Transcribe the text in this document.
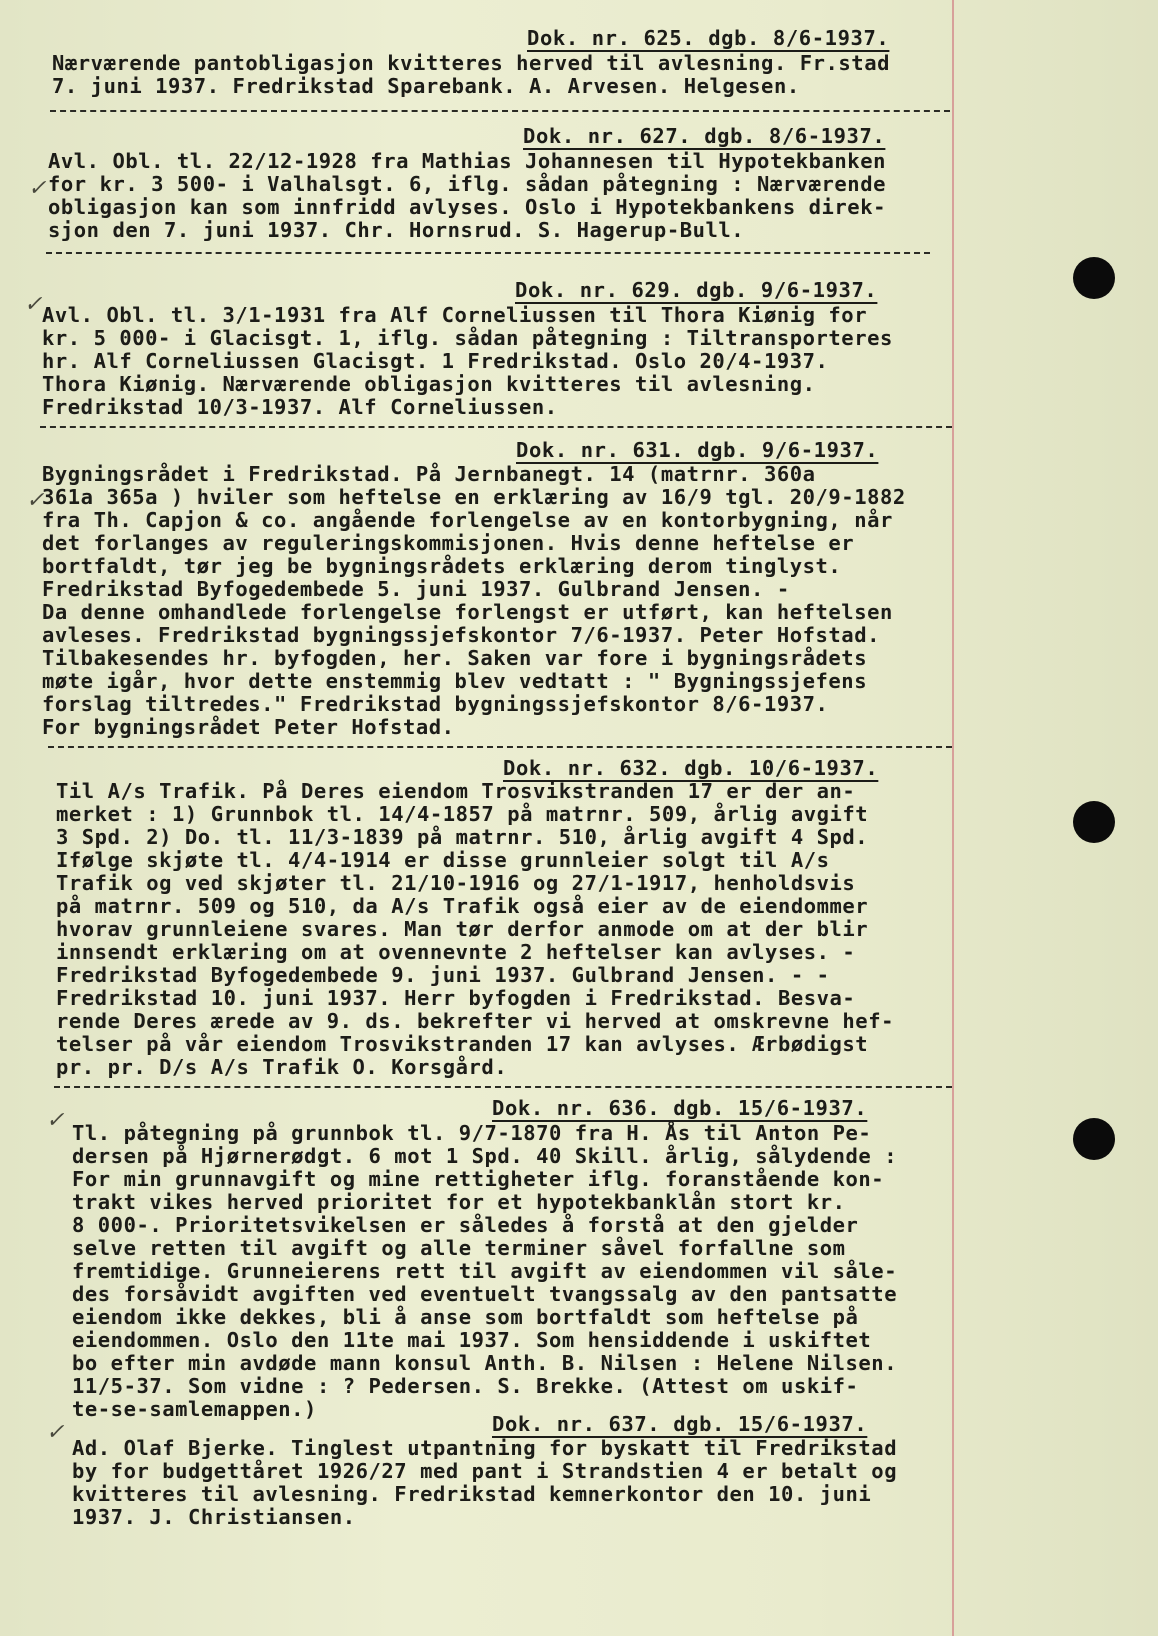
Dok. nr. 625. dgb. 8/6-1937.
Nærværende pantobligasjon kvitteres herved til avlesning. Fr.stad
7. juni 1937. Fredrikstad Sparebank. A. Arvesen. Helgesen.
Dok. nr. 627. dgb. 8/6-1937.
Avl. Obl. tl. 22/12-1928 fra Mathias Johannesen til Hypotekbanken
for kr. 3 500- i Valhalsgt. 6, iflg. sådan påtegning : Nærværende
obligasjon kan som innfridd avlyses. Oslo i Hypotekbankens direk-
sjon den 7. juni 1937. Chr. Hornsrud. S. Hagerup-Bull.
✓
Dok. nr. 629. dgb. 9/6-1937.
Avl. Obl. tl. 3/1-1931 fra Alf Corneliussen til Thora Kiønig for
kr. 5 000- i Glacisgt. 1, iflg. sådan påtegning : Tiltransporteres
hr. Alf Corneliussen Glacisgt. 1 Fredrikstad. Oslo 20/4-1937.
Thora Kiønig. Nærværende obligasjon kvitteres til avlesning.
Fredrikstad 10/3-1937. Alf Corneliussen.
✓
Dok. nr. 631. dgb. 9/6-1937.
Bygningsrådet i Fredrikstad. På Jernbanegt. 14 (matrnr. 360a
361a 365a ) hviler som heftelse en erklæring av 16/9 tgl. 20/9-1882
fra Th. Capjon & co. angående forlengelse av en kontorbygning, når
det forlanges av reguleringskommisjonen. Hvis denne heftelse er
bortfaldt, tør jeg be bygningsrådets erklæring derom tinglyst.
Fredrikstad Byfogedembede 5. juni 1937. Gulbrand Jensen. -
Da denne omhandlede forlengelse forlengst er utført, kan heftelsen
avleses. Fredrikstad bygningssjefskontor 7/6-1937. Peter Hofstad.
Tilbakesendes hr. byfogden, her. Saken var fore i bygningsrådets
møte igår, hvor dette enstemmig blev vedtatt : " Bygningssjefens
forslag tiltredes." Fredrikstad bygningssjefskontor 8/6-1937.
For bygningsrådet Peter Hofstad.
✓
Dok. nr. 632. dgb. 10/6-1937.
Til A/s Trafik. På Deres eiendom Trosvikstranden 17 er der an-
merket : 1) Grunnbok tl. 14/4-1857 på matrnr. 509, årlig avgift
3 Spd. 2) Do. tl. 11/3-1839 på matrnr. 510, årlig avgift 4 Spd.
Ifølge skjøte tl. 4/4-1914 er disse grunnleier solgt til A/s
Trafik og ved skjøter tl. 21/10-1916 og 27/1-1917, henholdsvis
på matrnr. 509 og 510, da A/s Trafik også eier av de eiendommer
hvorav grunnleiene svares. Man tør derfor anmode om at der blir
innsendt erklæring om at ovennevnte 2 heftelser kan avlyses. -
Fredrikstad Byfogedembede 9. juni 1937. Gulbrand Jensen. - -
Fredrikstad 10. juni 1937. Herr byfogden i Fredrikstad. Besva-
rende Deres ærede av 9. ds. bekrefter vi herved at omskrevne hef-
telser på vår eiendom Trosvikstranden 17 kan avlyses. Ærbødigst
pr. pr. D/s A/s Trafik O. Korsgård.
Dok. nr. 636. dgb. 15/6-1937.
Tl. påtegning på grunnbok tl. 9/7-1870 fra H. Ås til Anton Pe-
dersen på Hjørnerødgt. 6 mot 1 Spd. 40 Skill. årlig, sålydende :
For min grunnavgift og mine rettigheter iflg. foranstående kon-
trakt vikes herved prioritet for et hypotekbanklån stort kr.
8 000-. Prioritetsvikelsen er således å forstå at den gjelder
selve retten til avgift og alle terminer såvel forfallne som
fremtidige. Grunneierens rett til avgift av eiendommen vil såle-
des forsåvidt avgiften ved eventuelt tvangssalg av den pantsatte
eiendom ikke dekkes, bli å anse som bortfaldt som heftelse på
eiendommen. Oslo den 11te mai 1937. Som hensiddende i uskiftet
bo efter min avdøde mann konsul Anth. B. Nilsen : Helene Nilsen.
11/5-37. Som vidne : ? Pedersen. S. Brekke. (Attest om uskif-
te-se-samlemappen.)
✓
Dok. nr. 637. dgb. 15/6-1937.
Ad. Olaf Bjerke. Tinglest utpantning for byskatt til Fredrikstad
by for budgettåret 1926/27 med pant i Strandstien 4 er betalt og
kvitteres til avlesning. Fredrikstad kemnerkontor den 10. juni
1937. J. Christiansen.
✓
